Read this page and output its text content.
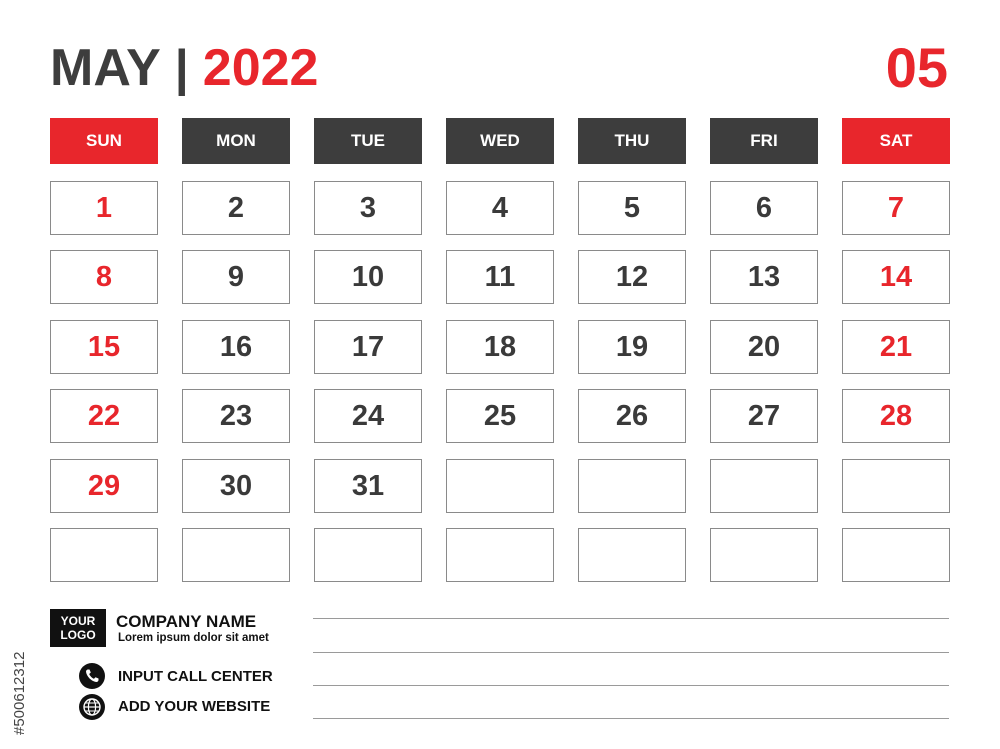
MAY | 2022	05
SUN	MON	TUE	WED	THU	FRI	SAT
1	2	3	4	5	6	7
8	9	10	11	12	13	14
15	16	17	18	19	20	21
22	23	24	25	26	27	28
29	30	31
YOUR
LOGO
COMPANY NAME
Lorem ipsum dolor sit amet
INPUT CALL CENTER
ADD YOUR WEBSITE
#500612312
